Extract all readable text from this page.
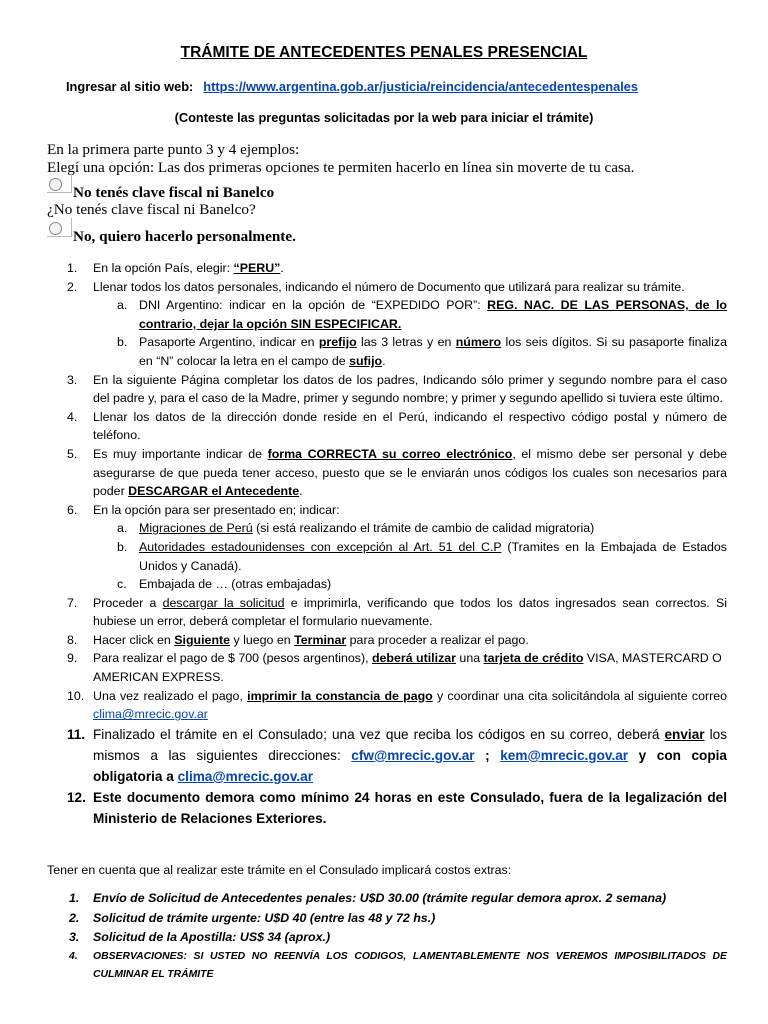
TRÁMITE DE ANTECEDENTES PENALES PRESENCIAL
Ingresar al sitio web: https://www.argentina.gob.ar/justicia/reincidencia/antecedentespenales
(Conteste las preguntas solicitadas por la web para iniciar el trámite)
En la primera parte punto 3 y 4 ejemplos:
Elegí una opción: Las dos primeras opciones te permiten hacerlo en línea sin moverte de tu casa.
No tenés clave fiscal ni Banelco
¿No tenés clave fiscal ni Banelco?
No, quiero hacerlo personalmente.
1. En la opción País, elegir: “PERU”.
2. Llenar todos los datos personales, indicando el número de Documento que utilizará para realizar su trámite.
a. DNI Argentino: indicar en la opción de “EXPEDIDO POR”: REG. NAC. DE LAS PERSONAS, de lo contrario, dejar la opción SIN ESPECIFICAR.
b. Pasaporte Argentino, indicar en prefijo las 3 letras y en número los seis dígitos. Si su pasaporte finaliza en “N” colocar la letra en el campo de sufijo.
3. En la siguiente Página completar los datos de los padres, Indicando sólo primer y segundo nombre para el caso del padre y, para el caso de la Madre, primer y segundo nombre; y primer y segundo apellido si tuviera este último.
4. Llenar los datos de la dirección donde reside en el Perú, indicando el respectivo código postal y número de teléfono.
5. Es muy importante indicar de forma CORRECTA su correo electrónico, el mismo debe ser personal y debe asegurarse de que pueda tener acceso, puesto que se le enviarán unos códigos los cuales son necesarios para poder DESCARGAR el Antecedente.
6. En la opción para ser presentado en; indicar:
a. Migraciones de Perú (si está realizando el trámite de cambio de calidad migratoria)
b. Autoridades estadounidenses con excepción al Art. 51 del C.P (Tramites en la Embajada de Estados Unidos y Canadá).
c. Embajada de … (otras embajadas)
7. Proceder a descargar la solicitud e imprimirla, verificando que todos los datos ingresados sean correctos. Si hubiese un error, deberá completar el formulario nuevamente.
8. Hacer click en Siguiente y luego en Terminar para proceder a realizar el pago.
9. Para realizar el pago de $ 700 (pesos argentinos), deberá utilizar una tarjeta de crédito VISA, MASTERCARD O AMERICAN EXPRESS.
10. Una vez realizado el pago, imprimir la constancia de pago y coordinar una cita solicitándola al siguiente correo clima@mrecic.gov.ar
11. Finalizado el trámite en el Consulado; una vez que reciba los códigos en su correo, deberá enviar los mismos a las siguientes direcciones: cfw@mrecic.gov.ar ; kem@mrecic.gov.ar y con copia obligatoria a clima@mrecic.gov.ar
12. Este documento demora como mínimo 24 horas en este Consulado, fuera de la legalización del Ministerio de Relaciones Exteriores.
Tener en cuenta que al realizar este trámite en el Consulado implicará costos extras:
1. Envío de Solicitud de Antecedentes penales: U$D 30.00 (trámite regular demora aprox. 2 semana)
2. Solicitud de trámite urgente: U$D 40 (entre las 48 y 72 hs.)
3. Solicitud de la Apostilla: US$ 34 (aprox.)
4. OBSERVACIONES: SI USTED NO REENVÍA LOS CODIGOS, LAMENTABLEMENTE NOS VEREMOS IMPOSIBILITADOS DE CULMINAR EL TRÁMITE
